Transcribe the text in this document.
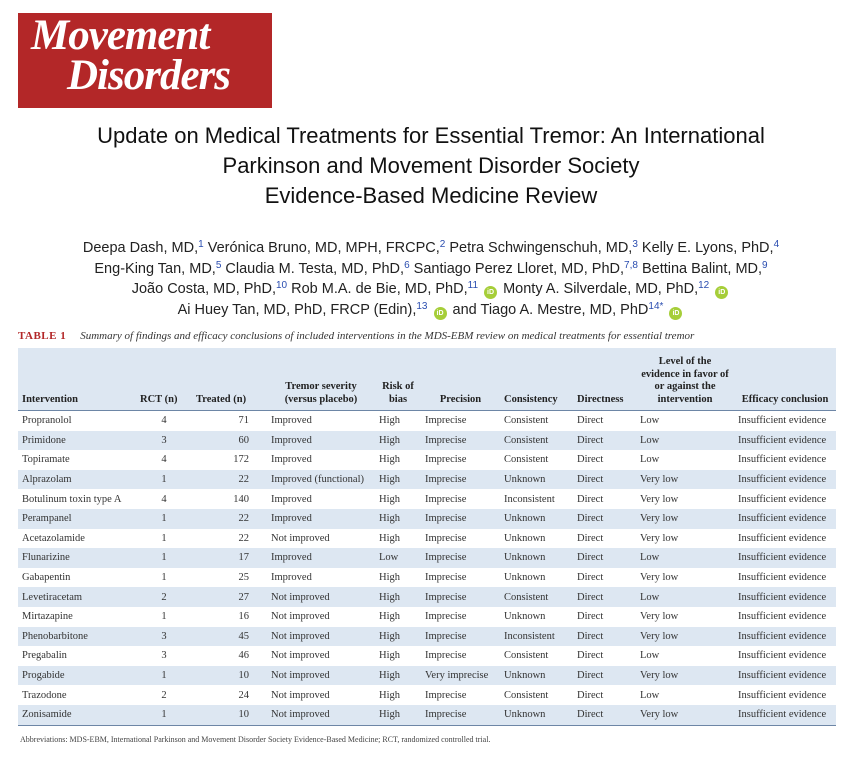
Movement
Disorders
Update on Medical Treatments for Essential Tremor: An International
Parkinson and Movement Disorder Society
Evidence-Based Medicine Review
Deepa Dash, MD,$^1$ Verónica Bruno, MD, MPH, FRCPC,$^2$ Petra Schwingenschuh, MD,$^3$ Kelly E. Lyons, PhD,$^4$
Eng-King Tan, MD,$^5$ Claudia M. Testa, MD, PhD,$^6$ Santiago Perez Lloret, MD, PhD,$^{7,8}$ Bettina Balint, MD,$^9$
João Costa, MD, PhD,$^{10}$ Rob M.A. de Bie, MD, PhD,$^{11}$ iD Monty A. Silverdale, MD, PhD,$^{12}$ iD
Ai Huey Tan, MD, PhD, FRCP (Edin),$^{13}$ iD and Tiago A. Mestre, MD, PhD$^{14*}$ iD
TABLE 1 Summary of findings and efficacy conclusions of included interventions in the MDS-EBM review on medical treatments for essential tremor
Intervention	RCT (n)	Treated (n)	Tremor severity (versus placebo)	Risk of bias	Precision	Consistency	Directness	Level of the evidence in favor of or against the intervention	Efficacy conclusion
Propranolol	4	71	Improved	High	Imprecise	Consistent	Direct	Low	Insufficient evidence
Primidone	3	60	Improved	High	Imprecise	Consistent	Direct	Low	Insufficient evidence
Topiramate	4	172	Improved	High	Imprecise	Consistent	Direct	Low	Insufficient evidence
Alprazolam	1	22	Improved (functional)	High	Imprecise	Unknown	Direct	Very low	Insufficient evidence
Botulinum toxin type A	4	140	Improved	High	Imprecise	Inconsistent	Direct	Very low	Insufficient evidence
Perampanel	1	22	Improved	High	Imprecise	Unknown	Direct	Very low	Insufficient evidence
Acetazolamide	1	22	Not improved	High	Imprecise	Unknown	Direct	Very low	Insufficient evidence
Flunarizine	1	17	Improved	Low	Imprecise	Unknown	Direct	Low	Insufficient evidence
Gabapentin	1	25	Improved	High	Imprecise	Unknown	Direct	Very low	Insufficient evidence
Levetiracetam	2	27	Not improved	High	Imprecise	Consistent	Direct	Low	Insufficient evidence
Mirtazapine	1	16	Not improved	High	Imprecise	Unknown	Direct	Very low	Insufficient evidence
Phenobarbitone	3	45	Not improved	High	Imprecise	Inconsistent	Direct	Very low	Insufficient evidence
Pregabalin	3	46	Not improved	High	Imprecise	Consistent	Direct	Low	Insufficient evidence
Progabide	1	10	Not improved	High	Very imprecise	Unknown	Direct	Very low	Insufficient evidence
Trazodone	2	24	Not improved	High	Imprecise	Consistent	Direct	Low	Insufficient evidence
Zonisamide	1	10	Not improved	High	Imprecise	Unknown	Direct	Very low	Insufficient evidence
Abbreviations: MDS-EBM, International Parkinson and Movement Disorder Society Evidence-Based Medicine; RCT, randomized controlled trial.
